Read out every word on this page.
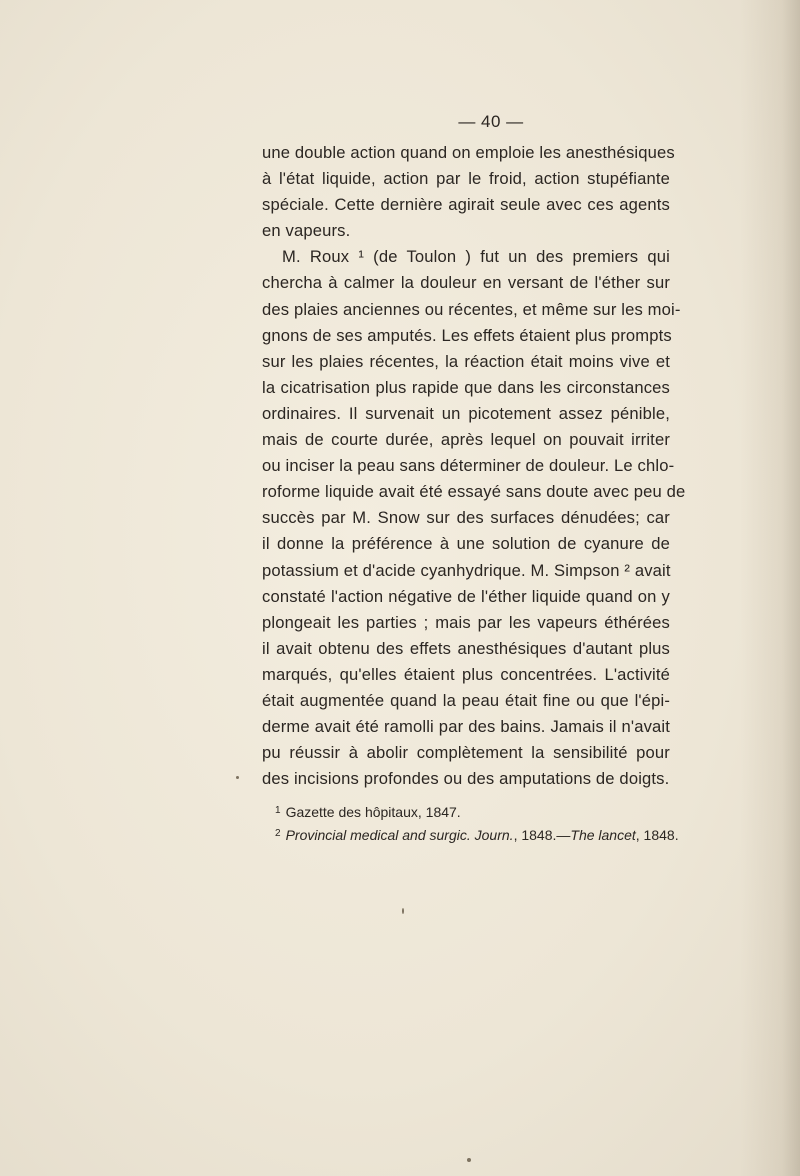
— 40 —
une double action quand on emploie les anesthésiques
à l'état liquide, action par le froid, action stupéfiante
spéciale. Cette dernière agirait seule avec ces agents
en vapeurs.
M. Roux ¹ (de Toulon ) fut un des premiers qui
chercha à calmer la douleur en versant de l'éther sur
des plaies anciennes ou récentes, et même sur les moi-
gnons de ses amputés. Les effets étaient plus prompts
sur les plaies récentes, la réaction était moins vive et
la cicatrisation plus rapide que dans les circonstances
ordinaires. Il survenait un picotement assez pénible,
mais de courte durée, après lequel on pouvait irriter
ou inciser la peau sans déterminer de douleur. Le chlo-
roforme liquide avait été essayé sans doute avec peu de
succès par M. Snow sur des surfaces dénudées; car
il donne la préférence à une solution de cyanure de
potassium et d'acide cyanhydrique. M. Simpson ² avait
constaté l'action négative de l'éther liquide quand on y
plongeait les parties ; mais par les vapeurs éthérées
il avait obtenu des effets anesthésiques d'autant plus
marqués, qu'elles étaient plus concentrées. L'activité
était augmentée quand la peau était fine ou que l'épi-
derme avait été ramolli par des bains. Jamais il n'avait
pu réussir à abolir complètement la sensibilité pour
des incisions profondes ou des amputations de doigts.
$^1$ Gazette des hôpitaux, 1847.
$^2$ Provincial medical and surgic. Journ., 1848.—The lancet, 1848.
